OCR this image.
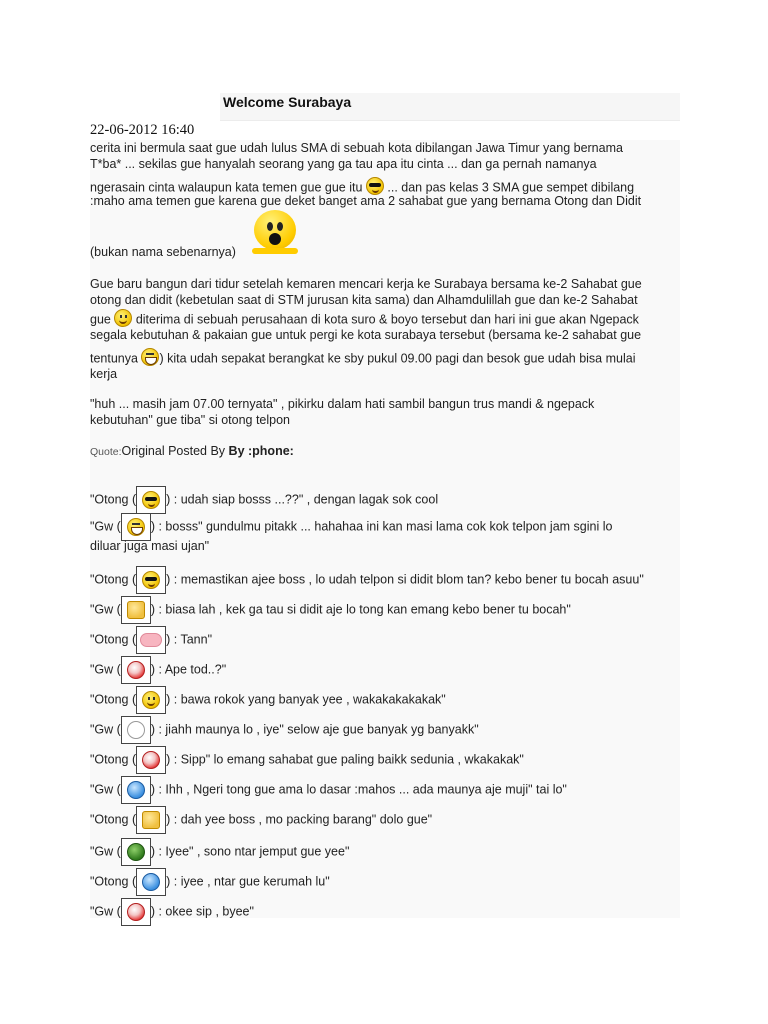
Welcome Surabaya
22-06-2012 16:40
cerita ini bermula saat gue udah lulus SMA di sebuah kota dibilangan Jawa Timur yang bernama
T*ba* ... sekilas gue hanyalah seorang yang ga tau apa itu cinta ... dan ga pernah namanya
ngerasain cinta walaupun kata temen gue gue itu ... dan pas kelas 3 SMA gue sempet dibilang
:maho ama temen gue karena gue deket banget ama 2 sahabat gue yang bernama Otong dan Didit
(bukan nama sebenarnya)
Gue baru bangun dari tidur setelah kemaren mencari kerja ke Surabaya bersama ke-2 Sahabat gue
otong dan didit (kebetulan saat di STM jurusan kita sama) dan Alhamdulillah gue dan ke-2 Sahabat
gue diterima di sebuah perusahaan di kota suro & boyo tersebut dan hari ini gue akan Ngepack
segala kebutuhan & pakaian gue untuk pergi ke kota surabaya tersebut (bersama ke-2 sahabat gue
tentunya ) kita udah sepakat berangkat ke sby pukul 09.00 pagi dan besok gue udah bisa mulai
kerja
"huh ... masih jam 07.00 ternyata" , pikirku dalam hati sambil bangun trus mandi & ngepack
kebutuhan" gue tiba" si otong telpon
Quote:Original Posted By By :phone:
"Otong ( ) : udah siap bosss ...??" , dengan lagak sok cool
"Gw ( ) : bosss" gundulmu pitakk ... hahahaa ini kan masi lama cok kok telpon jam sgini lo
diluar juga masi ujan"
"Otong ( ) : memastikan ajee boss , lo udah telpon si didit blom tan? kebo bener tu bocah asuu"
"Gw ( ) : biasa lah , kek ga tau si didit aje lo tong kan emang kebo bener tu bocah"
"Otong ( ) : Tann"
"Gw ( ) : Ape tod..?"
"Otong ( ) : bawa rokok yang banyak yee , wakakakakakak"
"Gw ( ) : jiahh maunya lo , iye" selow aje gue banyak yg banyakk"
"Otong ( ) : Sipp" lo emang sahabat gue paling baikk sedunia , wkakakak"
"Gw ( ) : Ihh , Ngeri tong gue ama lo dasar :mahos ... ada maunya aje muji" tai lo"
"Otong ( ) : dah yee boss , mo packing barang" dolo gue"
"Gw ( ) : Iyee" , sono ntar jemput gue yee"
"Otong ( ) : iyee , ntar gue kerumah lu"
"Gw ( ) : okee sip , byee"
